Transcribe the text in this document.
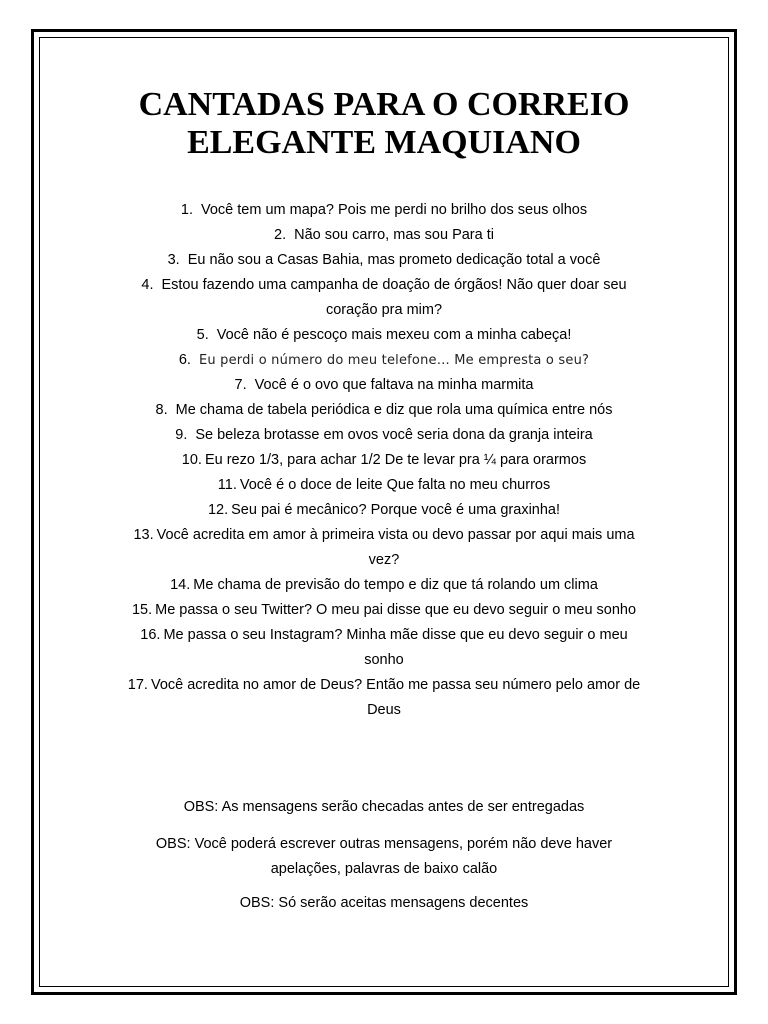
CANTADAS PARA O CORREIO
ELEGANTE MAQUIANO
1. Você tem um mapa? Pois me perdi no brilho dos seus olhos
2. Não sou carro, mas sou Para ti
3. Eu não sou a Casas Bahia, mas prometo dedicação total a você
4. Estou fazendo uma campanha de doação de órgãos! Não quer doar seu coração pra mim?
5. Você não é pescoço mais mexeu com a minha cabeça!
6. Eu perdi o número do meu telefone… Me empresta o seu?
7. Você é o ovo que faltava na minha marmita
8. Me chama de tabela periódica e diz que rola uma química entre nós
9. Se beleza brotasse em ovos você seria dona da granja inteira
10. Eu rezo 1/3, para achar 1/2 De te levar pra ¼ para orarmos
11. Você é o doce de leite Que falta no meu churros
12. Seu pai é mecânico? Porque você é uma graxinha!
13. Você acredita em amor à primeira vista ou devo passar por aqui mais uma vez?
14. Me chama de previsão do tempo e diz que tá rolando um clima
15. Me passa o seu Twitter? O meu pai disse que eu devo seguir o meu sonho
16. Me passa o seu Instagram? Minha mãe disse que eu devo seguir o meu sonho
17. Você acredita no amor de Deus? Então me passa seu número pelo amor de Deus

OBS: As mensagens serão checadas antes de ser entregadas

OBS: Você poderá escrever outras mensagens, porém não deve haver apelações, palavras de baixo calão

OBS: Só serão aceitas mensagens decentes
